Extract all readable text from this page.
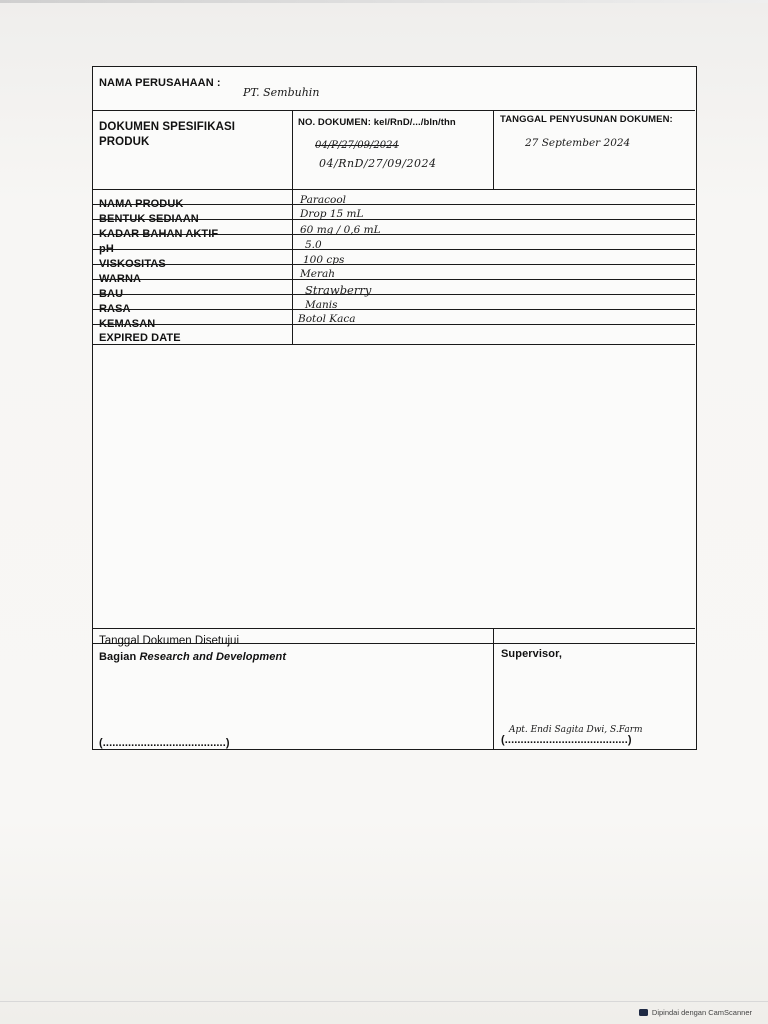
NAMA PERUSAHAAN :
PT. Sembuhin
DOKUMEN SPESIFIKASI
PRODUK
NO. DOKUMEN: kel/RnD/.../bln/thn
04/P/27/09/2024
04/RnD/27/09/2024
TANGGAL PENYUSUNAN DOKUMEN:
27 September 2024
NAMA PRODUK	Paracool
BENTUK SEDIAAN	Drop 15 mL
KADAR BAHAN AKTIF	60 mg / 0,6 mL
pH	5.0
VISKOSITAS	100 cps
WARNA	Merah
BAU	Strawberry
RASA	Manis
KEMASAN	Botol Kaca
EXPIRED DATE
Tanggal Dokumen Disetujui
Bagian Research and Development
(.......................................)
Supervisor,
Apt. Endi Sagita Dwi, S.Farm
(.......................................)
Dipindai dengan CamScanner
